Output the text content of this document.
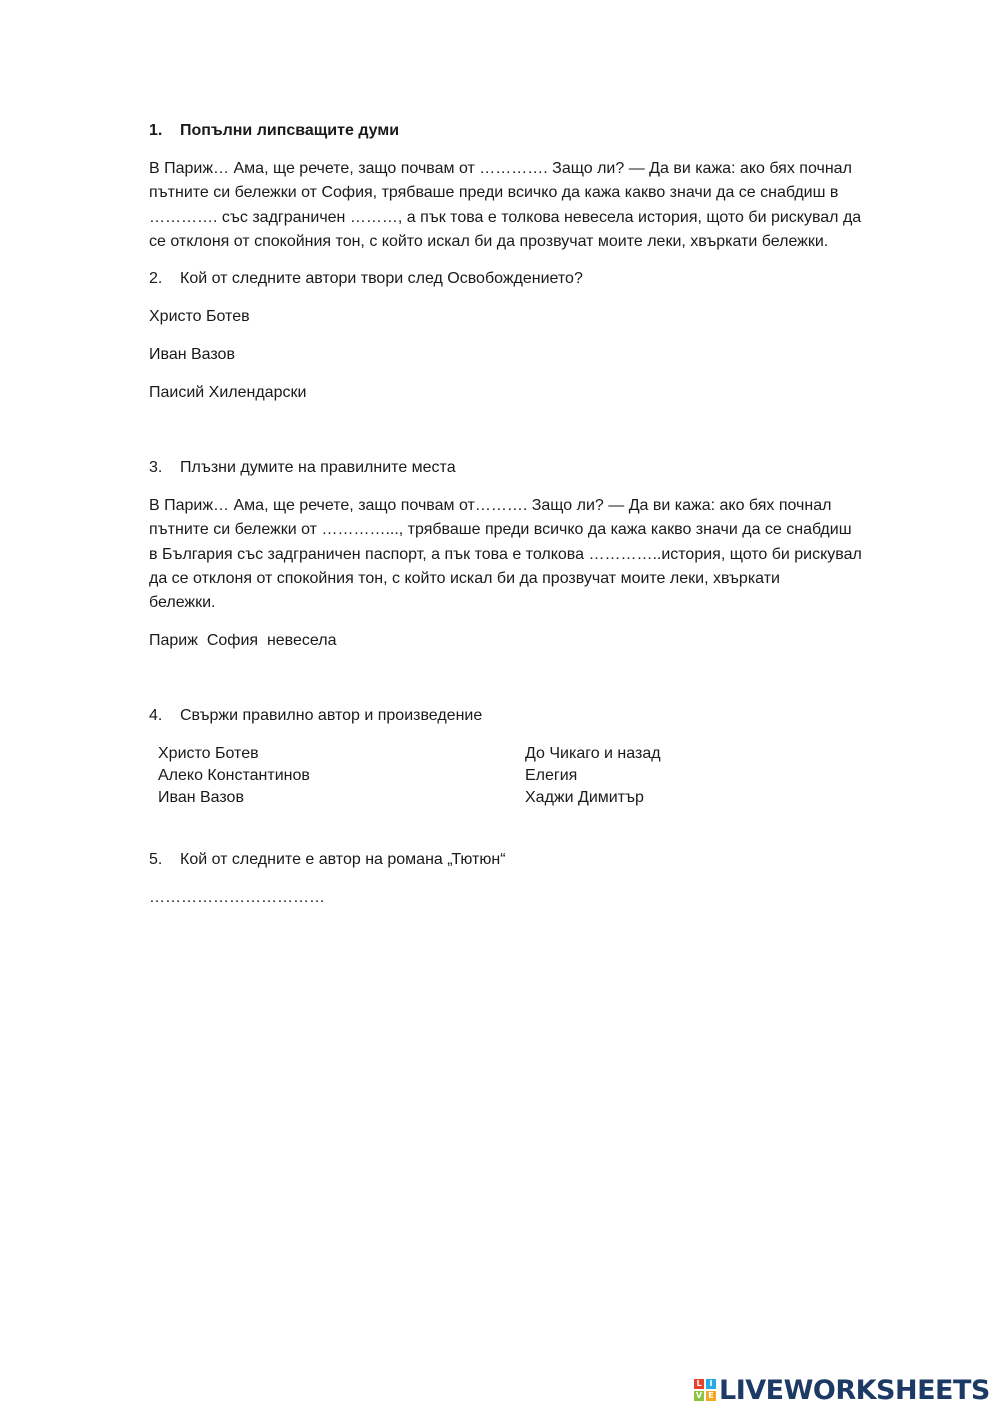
1. Попълни липсващите думи
В Париж… Ама, ще речете, защо почвам от …………. Защо ли? — Да ви кажа: ако бях почнал
пътните си бележки от София, трябваше преди всичко да кажа какво значи да се снабдиш в
…………. със задграничен ………, а пък това е толкова невесела история, щото би рискувал да
се отклоня от спокойния тон, с който искал би да прозвучат моите леки, хвъркати бележки.
2. Кой от следните автори твори след Освобождението?
Христо Ботев
Иван Вазов
Паисий Хилендарски
3. Плъзни думите на правилните места
В Париж… Ама, ще речете, защо почвам от………. Защо ли? — Да ви кажа: ако бях почнал
пътните си бележки от …………..., трябваше преди всичко да кажа какво значи да се снабдиш
в България със задграничен паспорт, а пък това е толкова …………..история, щото би рискувал
да се отклоня от спокойния тон, с който искал би да прозвучат моите леки, хвъркати
бележки.
Париж  София  невесела
4. Свържи правилно автор и произведение
Христо Ботев
Алеко Константинов
Иван Вазов
До Чикаго и назад
Елегия
Хаджи Димитър
5. Кой от следните е автор на романа „Тютюн“
……………………………
L I
V E LIVEWORKSHEETS
